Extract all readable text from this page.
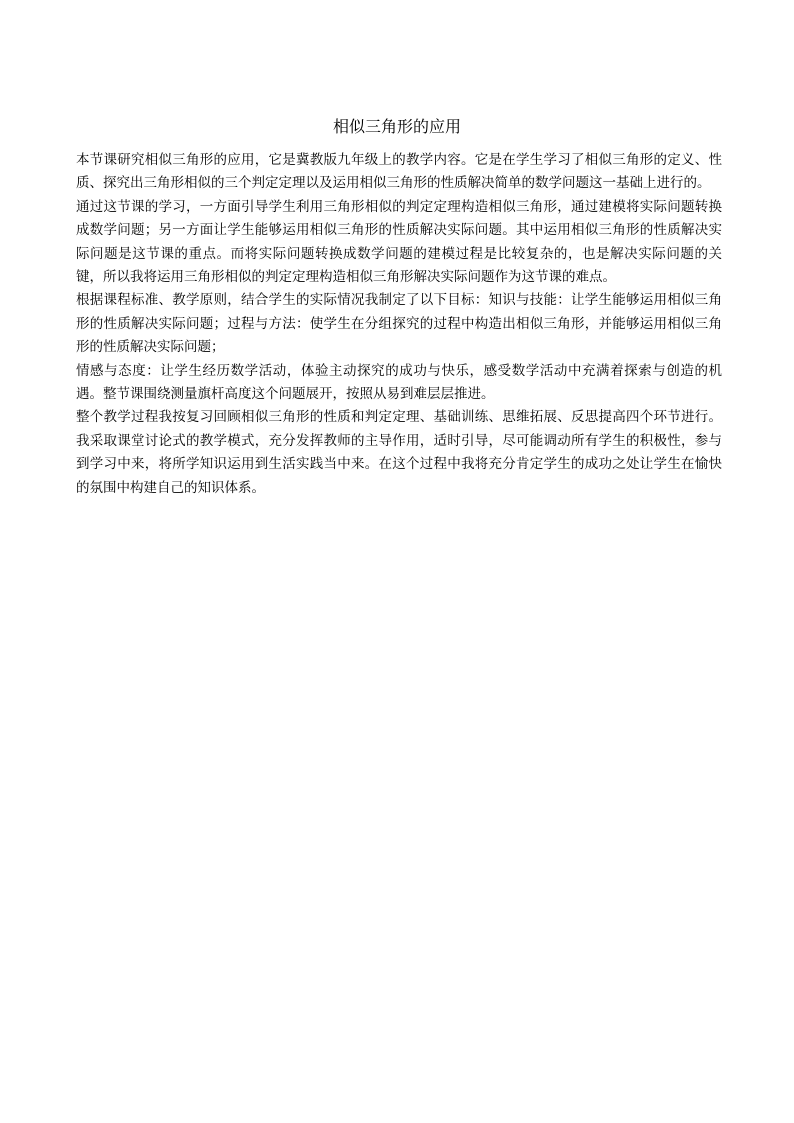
相似三角形的应用

本节课研究相似三角形的应用，它是冀教版九年级上的教学内容。它是在学生学习了相似三角形的定义、性质、探究出三角形相似的三个判定定理以及运用相似三角形的性质解决简单的数学问题这一基础上进行的。

通过这节课的学习，一方面引导学生利用三角形相似的判定定理构造相似三角形，通过建模将实际问题转换成数学问题；另一方面让学生能够运用相似三角形的性质解决实际问题。其中运用相似三角形的性质解决实际问题是这节课的重点。而将实际问题转换成数学问题的建模过程是比较复杂的，也是解决实际问题的关键，所以我将运用三角形相似的判定定理构造相似三角形解决实际问题作为这节课的难点。

根据课程标准、教学原则，结合学生的实际情况我制定了以下目标：知识与技能：让学生能够运用相似三角形的性质解决实际问题；过程与方法：使学生在分组探究的过程中构造出相似三角形，并能够运用相似三角形的性质解决实际问题；

情感与态度：让学生经历数学活动，体验主动探究的成功与快乐，感受数学活动中充满着探索与创造的机遇。整节课围绕测量旗杆高度这个问题展开，按照从易到难层层推进。

整个教学过程我按复习回顾相似三角形的性质和判定定理、基础训练、思维拓展、反思提高四个环节进行。我采取课堂讨论式的教学模式，充分发挥教师的主导作用，适时引导，尽可能调动所有学生的积极性，参与到学习中来，将所学知识运用到生活实践当中来。在这个过程中我将充分肯定学生的成功之处让学生在愉快的氛围中构建自己的知识体系。
